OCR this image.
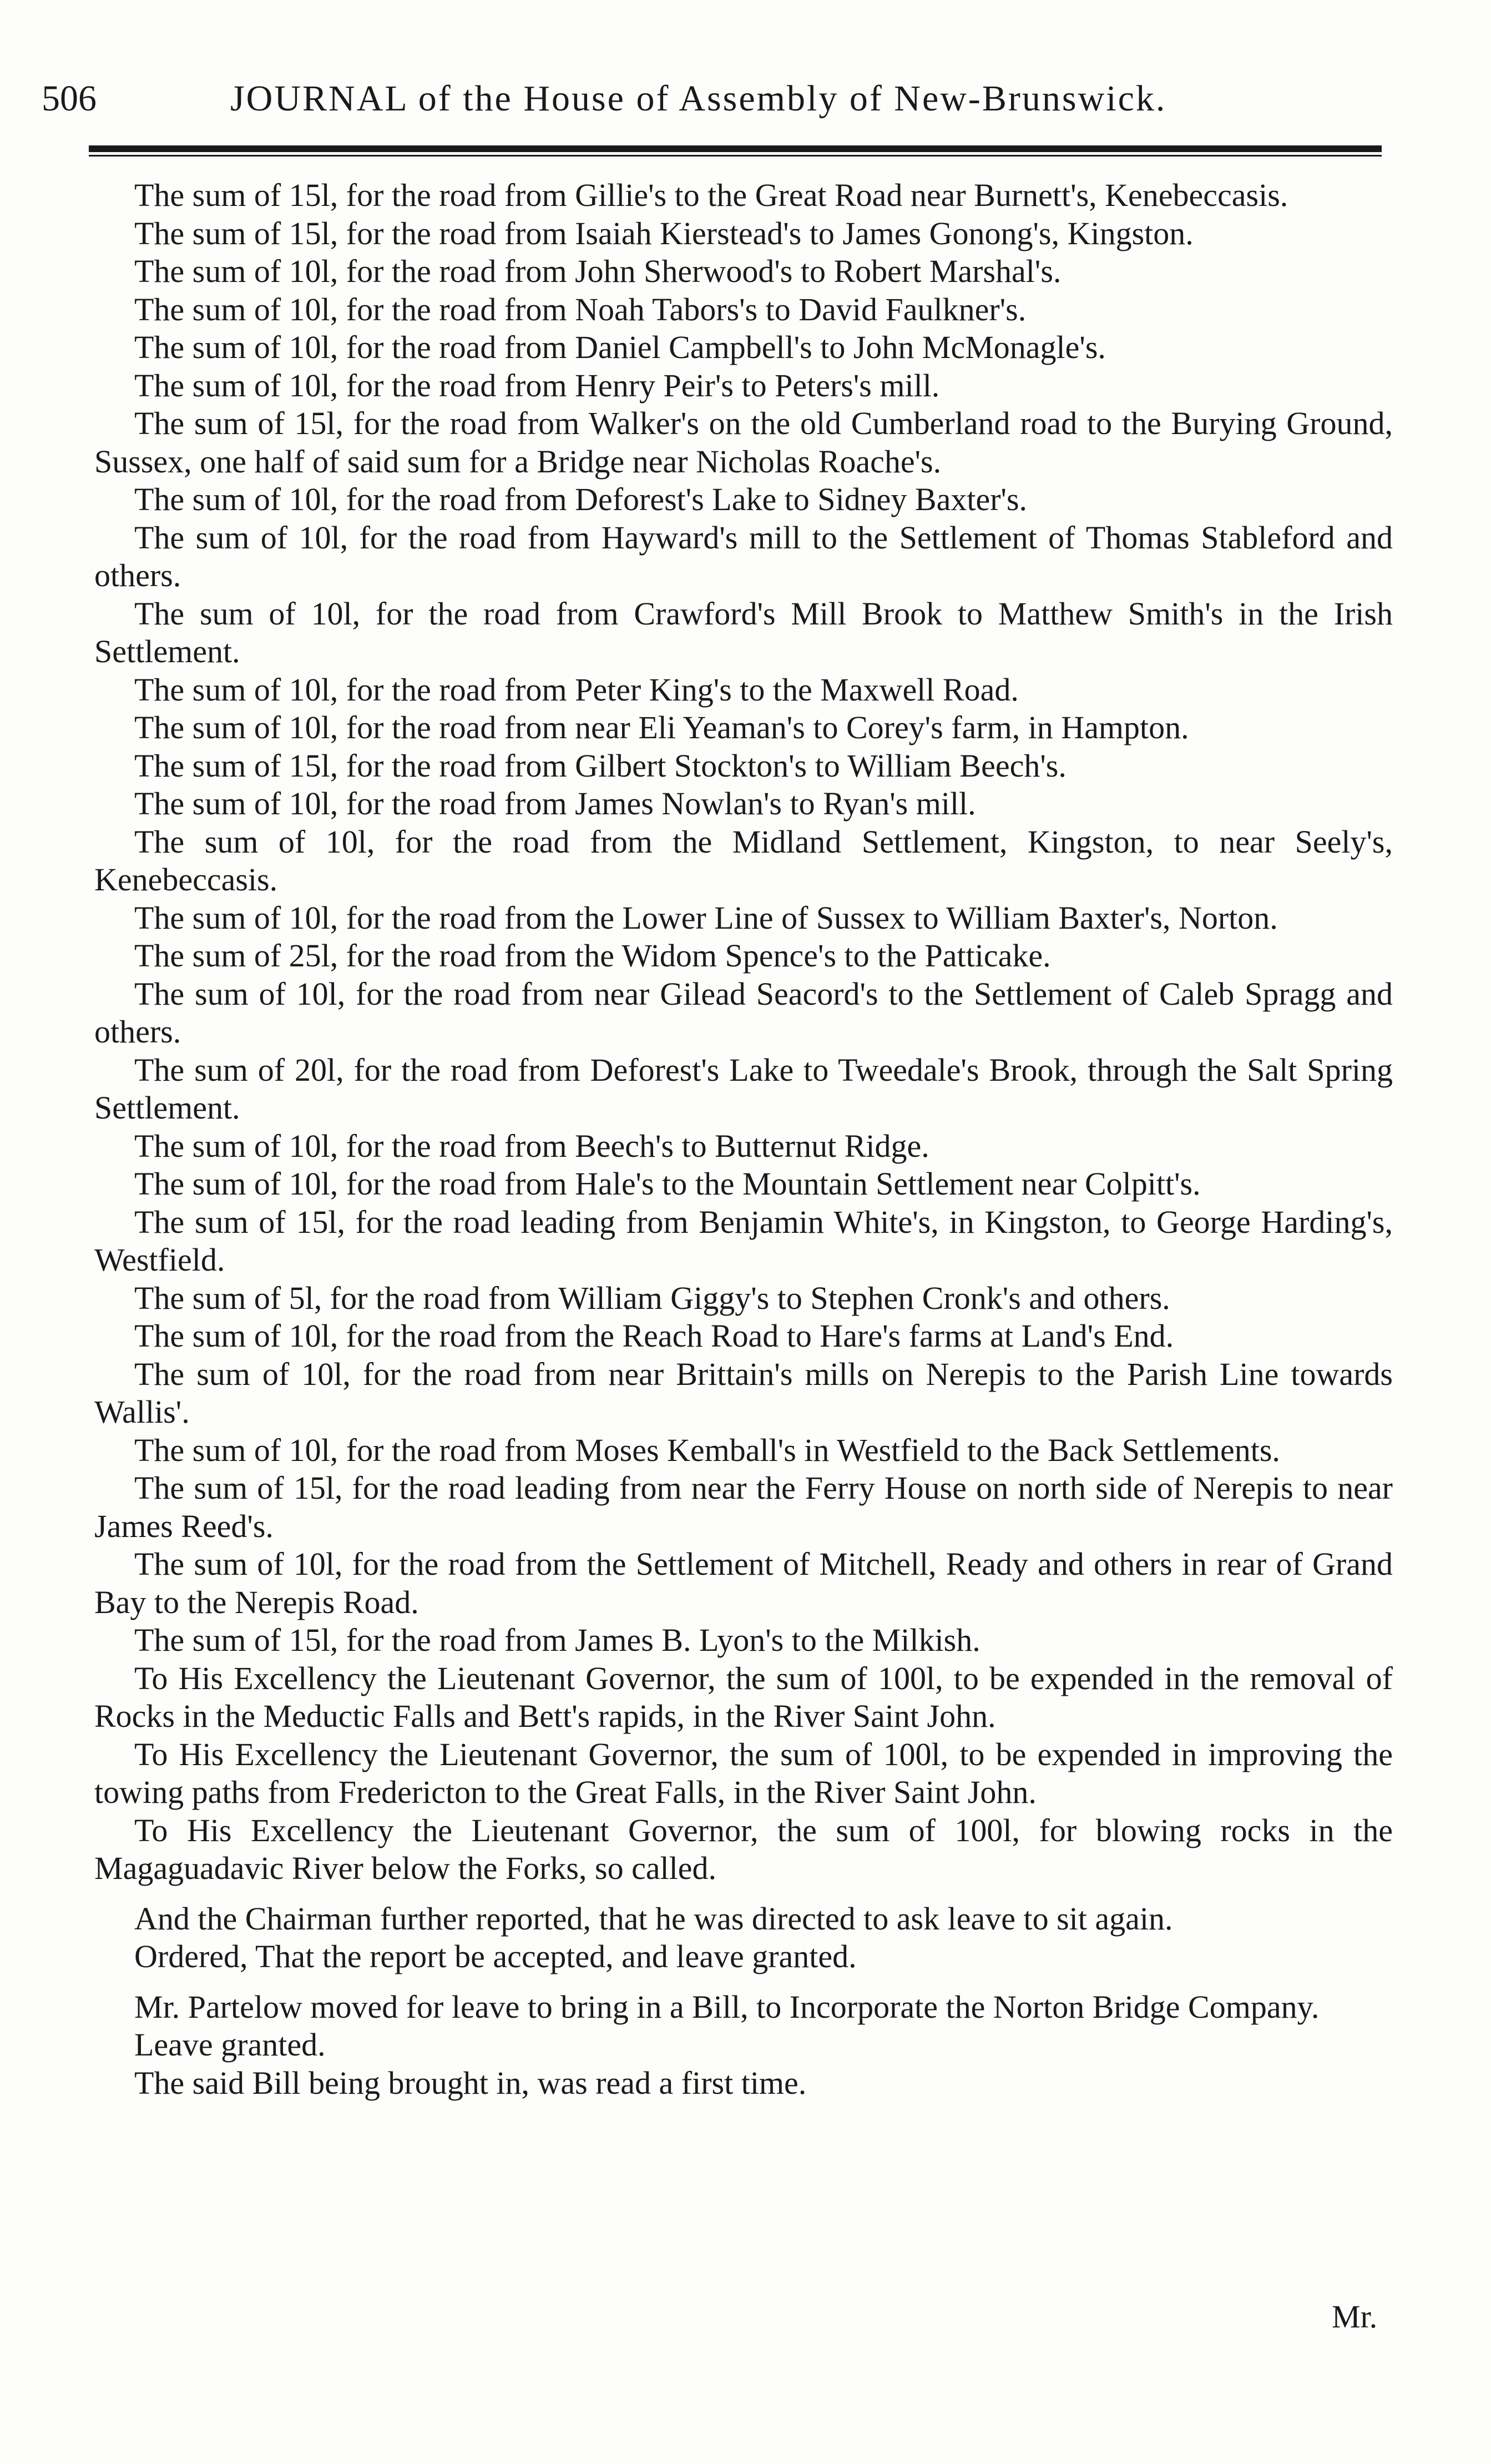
506	JOURNAL of the House of Assembly of New-Brunswick.

The sum of 15l, for the road from Gillie's to the Great Road near Burnett's, Kenebeccasis.

The sum of 15l, for the road from Isaiah Kierstead's to James Gonong's, Kingston.

The sum of 10l, for the road from John Sherwood's to Robert Marshal's.

The sum of 10l, for the road from Noah Tabors's to David Faulkner's.

The sum of 10l, for the road from Daniel Campbell's to John McMonagle's.

The sum of 10l, for the road from Henry Peir's to Peters's mill.

The sum of 15l, for the road from Walker's on the old Cumberland road to the Burying Ground, Sussex, one half of said sum for a Bridge near Nicholas Roache's.

The sum of 10l, for the road from Deforest's Lake to Sidney Baxter's.

The sum of 10l, for the road from Hayward's mill to the Settlement of Thomas Stableford and others.

The sum of 10l, for the road from Crawford's Mill Brook to Matthew Smith's in the Irish Settlement.

The sum of 10l, for the road from Peter King's to the Maxwell Road.

The sum of 10l, for the road from near Eli Yeaman's to Corey's farm, in Hampton.

The sum of 15l, for the road from Gilbert Stockton's to William Beech's.

The sum of 10l, for the road from James Nowlan's to Ryan's mill.

The sum of 10l, for the road from the Midland Settlement, Kingston, to near Seely's, Kenebeccasis.

The sum of 10l, for the road from the Lower Line of Sussex to William Baxter's, Norton.

The sum of 25l, for the road from the Widom Spence's to the Patticake.

The sum of 10l, for the road from near Gilead Seacord's to the Settlement of Caleb Spragg and others.

The sum of 20l, for the road from Deforest's Lake to Tweedale's Brook, through the Salt Spring Settlement.

The sum of 10l, for the road from Beech's to Butternut Ridge.

The sum of 10l, for the road from Hale's to the Mountain Settlement near Colpitt's.

The sum of 15l, for the road leading from Benjamin White's, in Kingston, to George Harding's, Westfield.

The sum of 5l, for the road from William Giggy's to Stephen Cronk's and others.

The sum of 10l, for the road from the Reach Road to Hare's farms at Land's End.

The sum of 10l, for the road from near Brittain's mills on Nerepis to the Parish Line towards Wallis'.

The sum of 10l, for the road from Moses Kemball's in Westfield to the Back Settlements.

The sum of 15l, for the road leading from near the Ferry House on north side of Nerepis to near James Reed's.

The sum of 10l, for the road from the Settlement of Mitchell, Ready and others in rear of Grand Bay to the Nerepis Road.

The sum of 15l, for the road from James B. Lyon's to the Milkish.

To His Excellency the Lieutenant Governor, the sum of 100l, to be expended in the removal of Rocks in the Meductic Falls and Bett's rapids, in the River Saint John.

To His Excellency the Lieutenant Governor, the sum of 100l, to be expended in improving the towing paths from Fredericton to the Great Falls, in the River Saint John.

To His Excellency the Lieutenant Governor, the sum of 100l, for blowing rocks in the Magaguadavic River below the Forks, so called.

And the Chairman further reported, that he was directed to ask leave to sit again.

Ordered, That the report be accepted, and leave granted.

Mr. Partelow moved for leave to bring in a Bill, to Incorporate the Norton Bridge Company.

Leave granted.

The said Bill being brought in, was read a first time.

Mr.
